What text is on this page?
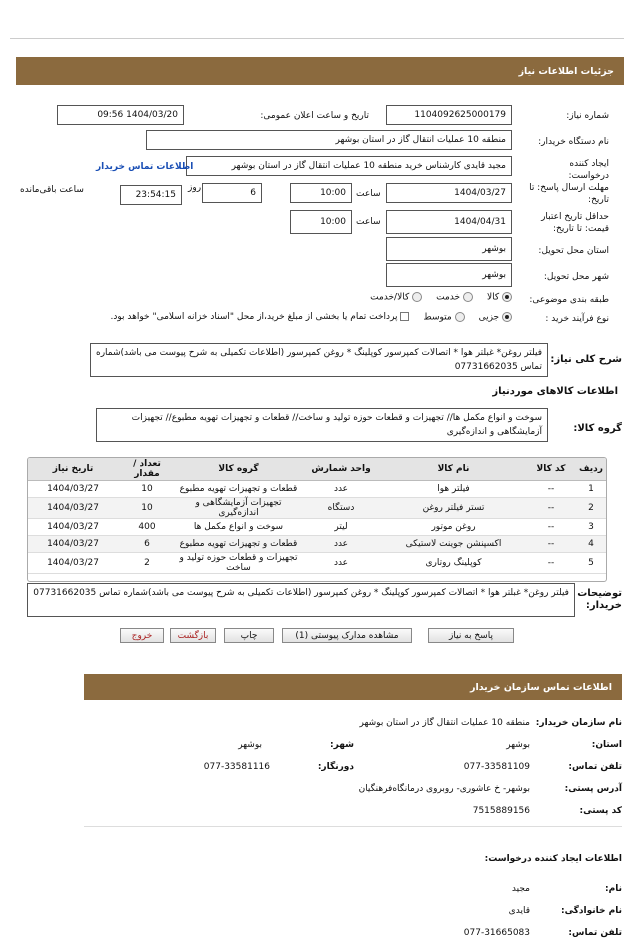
جزئیات اطلاعات نیاز
شماره نیاز:
1104092625000179
تاریخ و ساعت اعلان عمومی:
1404/03/20 09:56
نام دستگاه خریدار:
منطقه 10 عملیات انتقال گاز در استان بوشهر
ایجاد کننده درخواست:
مجید قایدی کارشناس خرید منطقه 10 عملیات انتقال گاز در استان بوشهر
اطلاعات تماس خریدار
مهلت ارسال پاسخ: تا تاریخ:
1404/03/27
ساعت
10:00
6
روز
23:54:15
ساعت باقی‌مانده
حداقل تاریخ اعتبار قیمت: تا تاریخ:
1404/04/31
ساعت
10:00
استان محل تحویل:
بوشهر
شهر محل تحویل:
بوشهر
طبقه بندی موضوعی:
کالا
خدمت
کالا/خدمت
نوع فرآیند خرید :
جزیی
متوسط
پرداخت تمام یا بخشی از مبلغ خرید،از محل "اسناد خزانه اسلامی" خواهد بود.
شرح کلی نیاز:
فیلتر روغن* غبلتر هوا * اتصالات کمپرسور کوپلینگ * روغن کمپرسور (اطلاعات تکمیلی به شرح پیوست می باشد)شماره تماس 07731662035
اطلاعات کالاهای موردنیاز
گروه کالا:
سوخت و انواع مکمل ها// تجهیزات و قطعات حوزه تولید و ساخت// قطعات و تجهیزات تهویه مطبوع// تجهیزات آزمایشگاهی و اندازه‌گیری
ردیف	کد کالا	نام کالا	واحد شمارش	گروه کالا	تعداد / مقدار	تاریخ نیاز
1	--	فیلتر هوا	عدد	قطعات و تجهیزات تهویه مطبوع	10	1404/03/27
2	--	تستر فیلتر روغن	دستگاه	تجهیزات آزمایشگاهی و اندازه‌گیری	10	1404/03/27
3	--	روغن موتور	لیتر	سوخت و انواع مکمل ها	400	1404/03/27
4	--	اکسپنشن جوینت لاستیکی	عدد	قطعات و تجهیزات تهویه مطبوع	6	1404/03/27
5	--	کوپلینگ روتاری	عدد	تجهیزات و قطعات حوزه تولید و ساخت	2	1404/03/27
توضیحات خریدار:
فیلتر روغن* غبلتر هوا * اتصالات کمپرسور کوپلینگ * روغن کمپرسور (اطلاعات تکمیلی به شرح پیوست می باشد)شماره تماس 07731662035
پاسخ به نیاز
مشاهده مدارک پیوستی (1)
چاپ
بازگشت
خروج
اطلاعات تماس سازمان خریدار
نام سازمان خریدار:
منطقه 10 عملیات انتقال گاز در استان بوشهر
استان:
بوشهر
شهر:
بوشهر
تلفن تماس:
077-33581109
دورنگار:
077-33581116
آدرس پستی:
بوشهر- خ عاشوری- روبروی درمانگاه‌فرهنگیان
کد پستی:
7515889156
اطلاعات ایجاد کننده درخواست:
نام:
مجید
نام خانوادگی:
قایدی
تلفن تماس:
077-31665083
